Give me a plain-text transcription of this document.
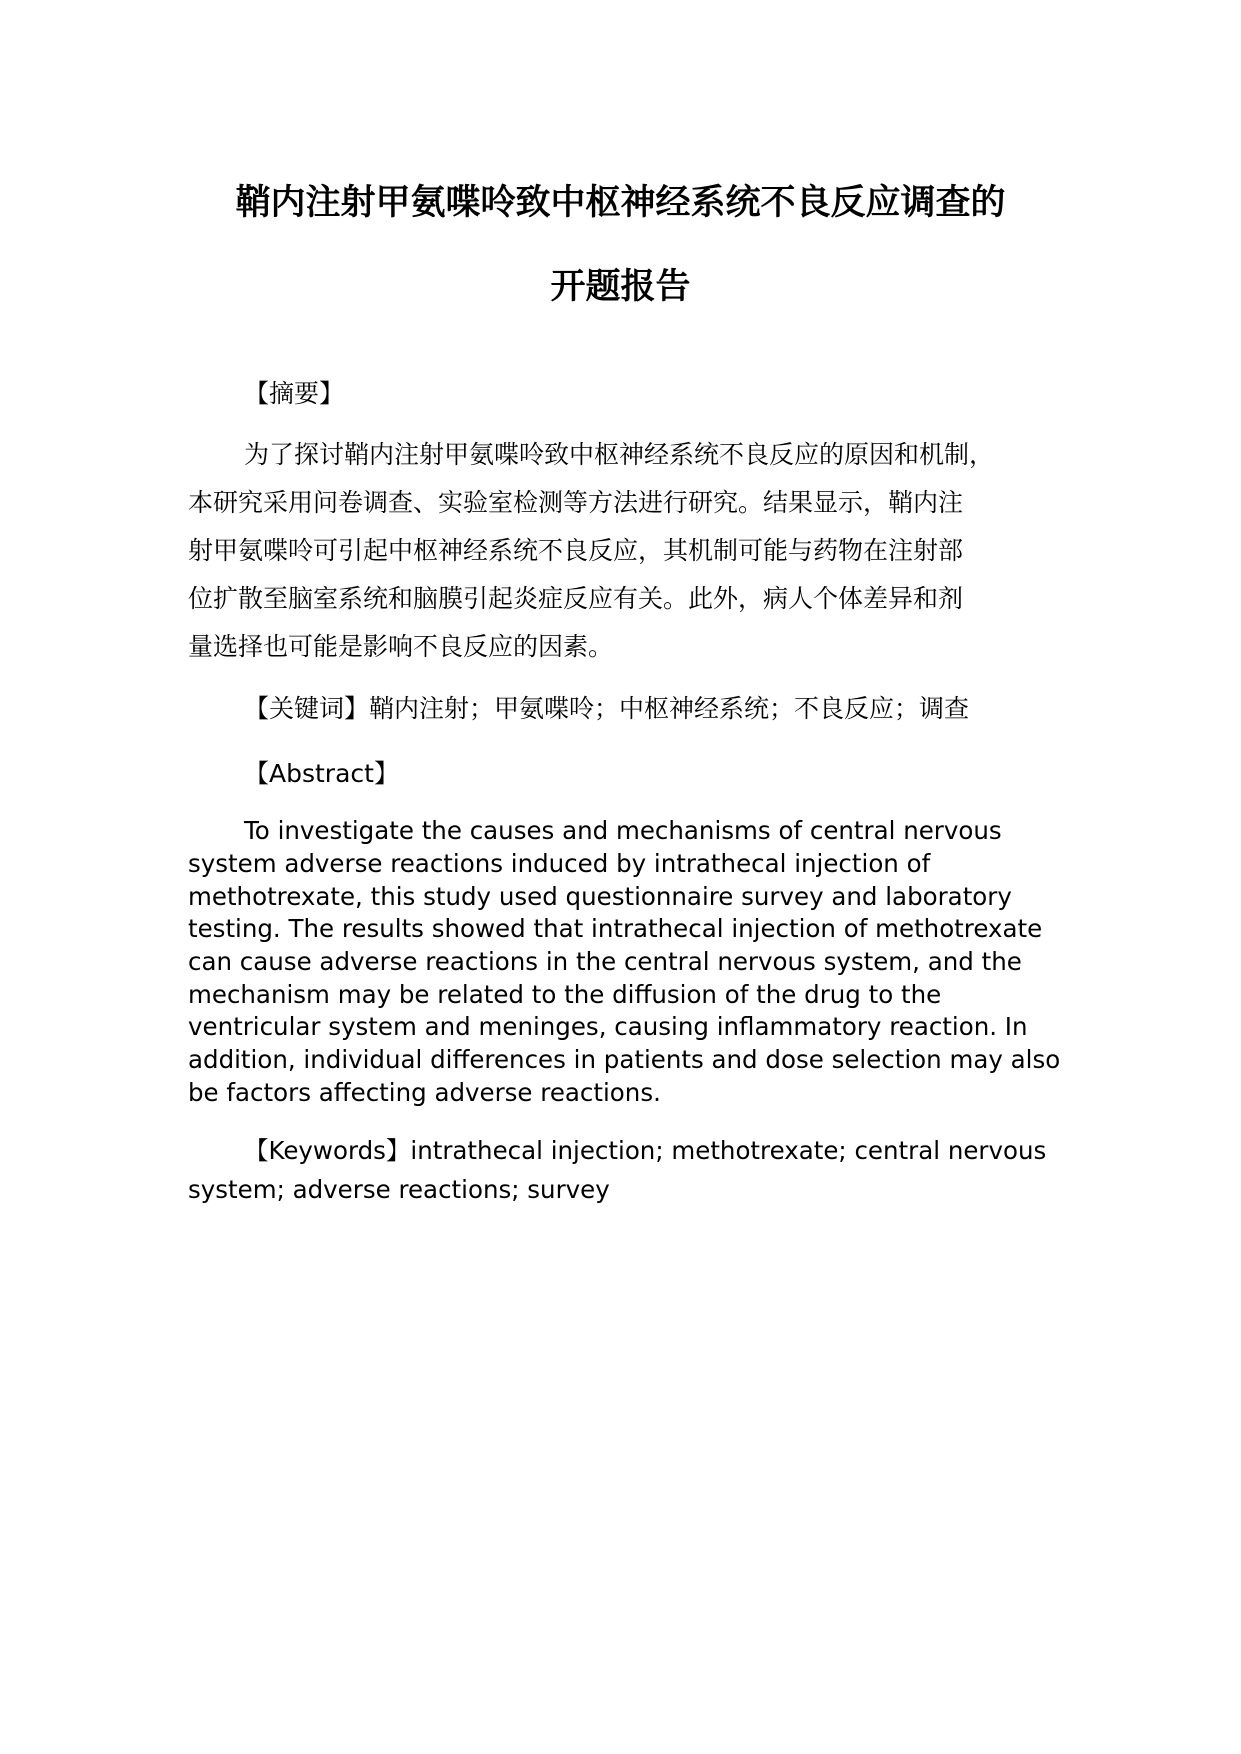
鞘内注射甲氨喋呤致中枢神经系统不良反应调查的
开题报告
【摘要】
为了探讨鞘内注射甲氨喋呤致中枢神经系统不良反应的原因和机制，
本研究采用问卷调查、实验室检测等方法进行研究。结果显示，鞘内注
射甲氨喋呤可引起中枢神经系统不良反应，其机制可能与药物在注射部
位扩散至脑室系统和脑膜引起炎症反应有关。此外，病人个体差异和剂
量选择也可能是影响不良反应的因素。
【关键词】鞘内注射；甲氨喋呤；中枢神经系统；不良反应；调查
【Abstract】
To investigate the causes and mechanisms of central nervous
system adverse reactions induced by intrathecal injection of
methotrexate, this study used questionnaire survey and laboratory
testing. The results showed that intrathecal injection of methotrexate
can cause adverse reactions in the central nervous system, and the
mechanism may be related to the diffusion of the drug to the
ventricular system and meninges, causing inflammatory reaction. In
addition, individual differences in patients and dose selection may also
be factors affecting adverse reactions.
【Keywords】intrathecal injection; methotrexate; central nervous
system; adverse reactions; survey
